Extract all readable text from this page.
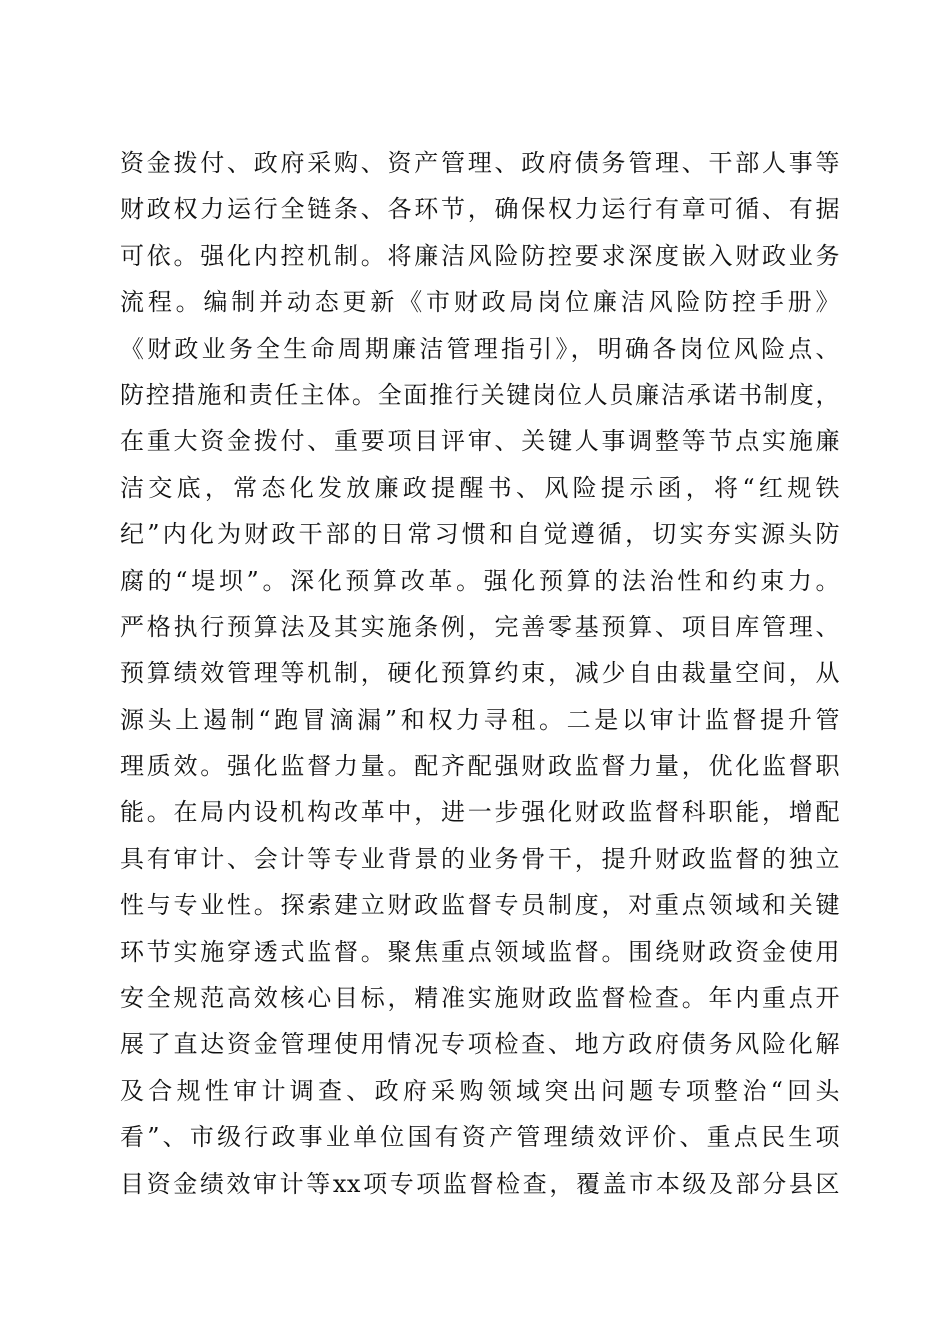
资金拨付、政府采购、资产管理、政府债务管理、干部人事等
财政权力运行全链条、各环节，确保权力运行有章可循、有据
可依。强化内控机制。将廉洁风险防控要求深度嵌入财政业务
流程。编制并动态更新《市财政局岗位廉洁风险防控手册》
《财政业务全生命周期廉洁管理指引》，明确各岗位风险点、
防控措施和责任主体。全面推行关键岗位人员廉洁承诺书制度，
在重大资金拨付、重要项目评审、关键人事调整等节点实施廉
洁交底，常态化发放廉政提醒书、风险提示函，将“红规铁
纪”内化为财政干部的日常习惯和自觉遵循，切实夯实源头防
腐的“堤坝”。深化预算改革。强化预算的法治性和约束力。
严格执行预算法及其实施条例，完善零基预算、项目库管理、
预算绩效管理等机制，硬化预算约束，减少自由裁量空间，从
源头上遏制“跑冒滴漏”和权力寻租。二是以审计监督提升管
理质效。强化监督力量。配齐配强财政监督力量，优化监督职
能。在局内设机构改革中，进一步强化财政监督科职能，增配
具有审计、会计等专业背景的业务骨干，提升财政监督的独立
性与专业性。探索建立财政监督专员制度，对重点领域和关键
环节实施穿透式监督。聚焦重点领域监督。围绕财政资金使用
安全规范高效核心目标，精准实施财政监督检查。年内重点开
展了直达资金管理使用情况专项检查、地方政府债务风险化解
及合规性审计调查、政府采购领域突出问题专项整治“回头
看”、市级行政事业单位国有资产管理绩效评价、重点民生项
目资金绩效审计等xx项专项监督检查，覆盖市本级及部分县区
